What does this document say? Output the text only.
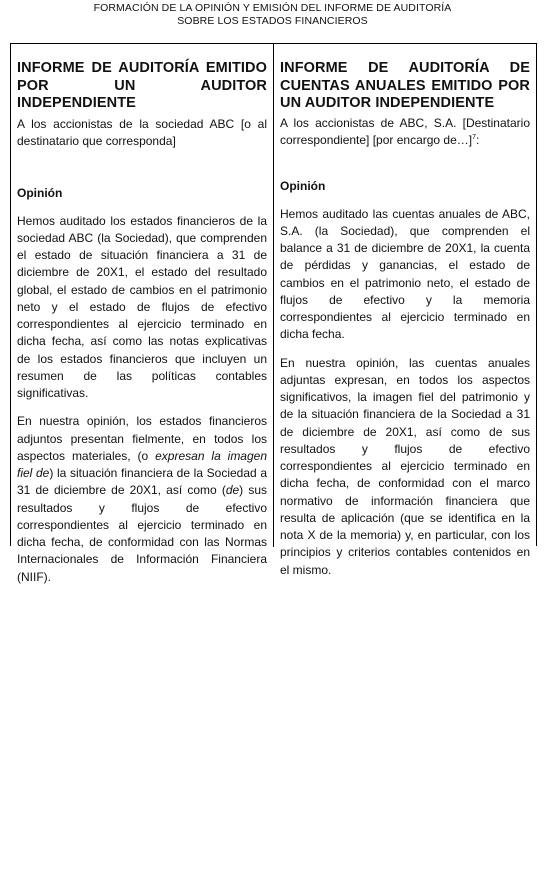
FORMACIÓN DE LA OPINIÓN Y EMISIÓN DEL INFORME DE AUDITORÍA
SOBRE LOS ESTADOS FINANCIEROS

INFORME DE AUDITORÍA EMITIDO POR UN AUDITOR INDEPENDIENTE

A los accionistas de la sociedad ABC [o al destinatario que corresponda]

Opinión

Hemos auditado los estados financieros de la sociedad ABC (la Sociedad), que comprenden el estado de situación financiera a 31 de diciembre de 20X1, el estado del resultado global, el estado de cambios en el patrimonio neto y el estado de flujos de efectivo correspondientes al ejercicio terminado en dicha fecha, así como las notas explicativas de los estados financieros que incluyen un resumen de las políticas contables significativas.

En nuestra opinión, los estados financieros adjuntos presentan fielmente, en todos los aspectos materiales, (o expresan la imagen fiel de) la situación financiera de la Sociedad a 31 de diciembre de 20X1, así como (de) sus resultados y flujos de efectivo correspondientes al ejercicio terminado en dicha fecha, de conformidad con las Normas Internacionales de Información Financiera (NIIF).

INFORME DE AUDITORÍA DE CUENTAS ANUALES EMITIDO POR UN AUDITOR INDEPENDIENTE

A los accionistas de ABC, S.A. [Destinatario correspondiente] [por encargo de…]$^7$:

Opinión

Hemos auditado las cuentas anuales de ABC, S.A. (la Sociedad), que comprenden el balance a 31 de diciembre de 20X1, la cuenta de pérdidas y ganancias, el estado de cambios en el patrimonio neto, el estado de flujos de efectivo y la memoria correspondientes al ejercicio terminado en dicha fecha.

En nuestra opinión, las cuentas anuales adjuntas expresan, en todos los aspectos significativos, la imagen fiel del patrimonio y de la situación financiera de la Sociedad a 31 de diciembre de 20X1, así como de sus resultados y flujos de efectivo correspondientes al ejercicio terminado en dicha fecha, de conformidad con el marco normativo de información financiera que resulta de aplicación (que se identifica en la nota X de la memoria) y, en particular, con los principios y criterios contables contenidos en el mismo.
